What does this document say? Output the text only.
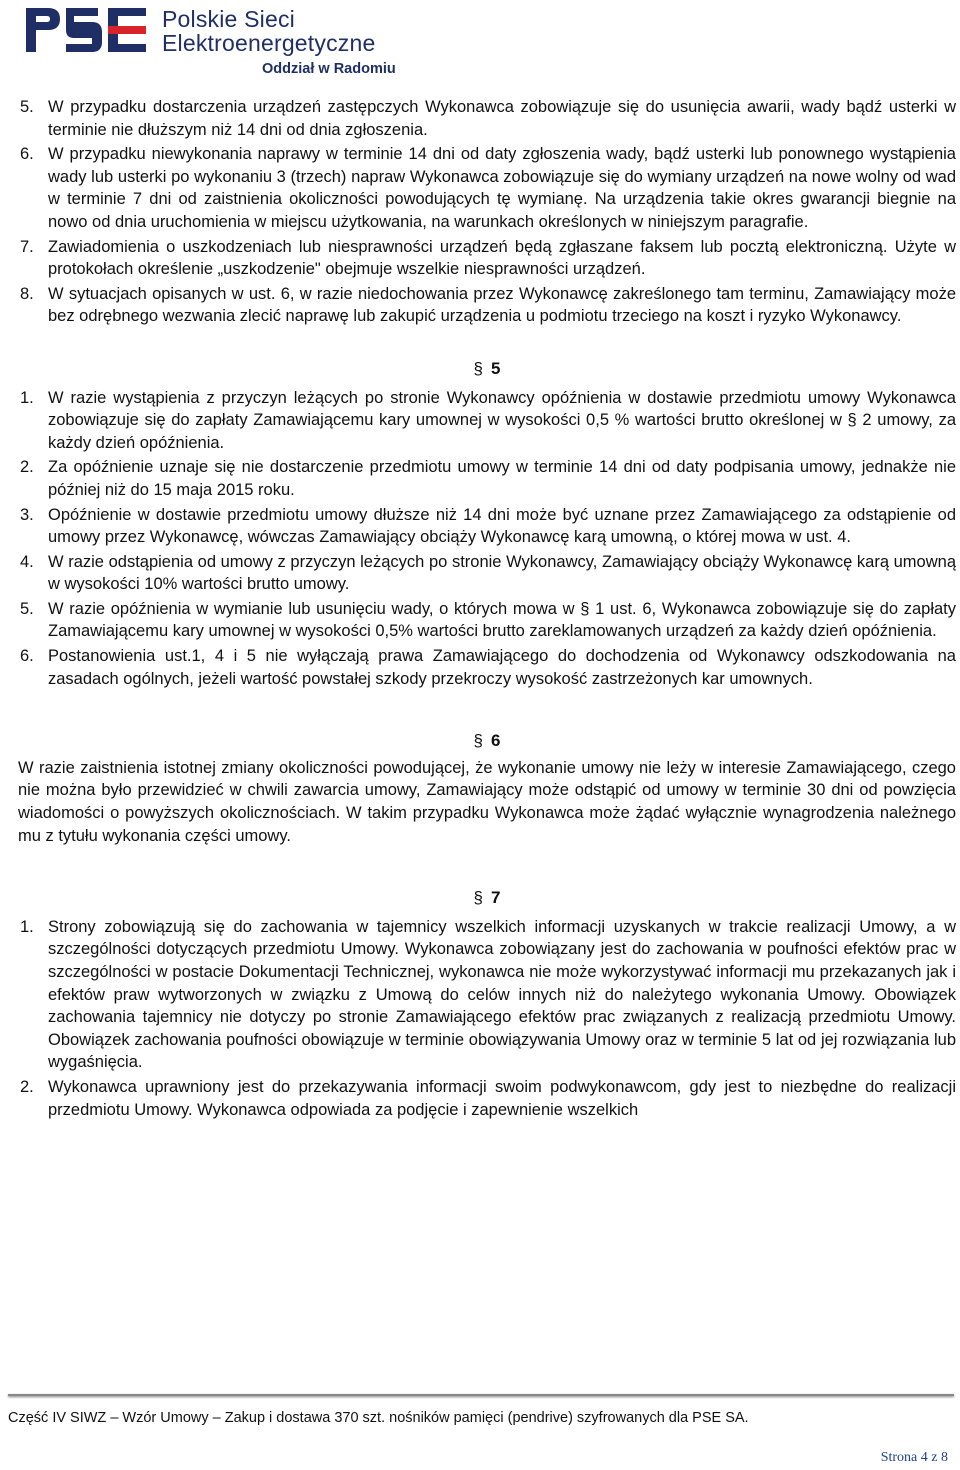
Polskie Sieci
Elektroenergetyczne
Oddział w Radomiu
5. W przypadku dostarczenia urządzeń zastępczych Wykonawca zobowiązuje się do usunięcia awarii, wady bądź usterki w terminie nie dłuższym niż 14 dni od dnia zgłoszenia.
6. W przypadku niewykonania naprawy w terminie 14 dni od daty zgłoszenia wady, bądź usterki lub ponownego wystąpienia wady lub usterki po wykonaniu 3 (trzech) napraw Wykonawca zobowiązuje się do wymiany urządzeń na nowe wolny od wad w terminie 7 dni od zaistnienia okoliczności powodujących tę wymianę. Na urządzenia takie okres gwarancji biegnie na nowo od dnia uruchomienia w miejscu użytkowania, na warunkach określonych w niniejszym paragrafie.
7. Zawiadomienia o uszkodzeniach lub niesprawności urządzeń będą zgłaszane faksem lub pocztą elektroniczną. Użyte w protokołach określenie „uszkodzenie" obejmuje wszelkie niesprawności urządzeń.
8. W sytuacjach opisanych w ust. 6, w razie niedochowania przez Wykonawcę zakreślonego tam terminu, Zamawiający może bez odrębnego wezwania zlecić naprawę lub zakupić urządzenia u podmiotu trzeciego na koszt i ryzyko Wykonawcy.
§ 5
1. W razie wystąpienia z przyczyn leżących po stronie Wykonawcy opóźnienia w dostawie przedmiotu umowy Wykonawca zobowiązuje się do zapłaty Zamawiającemu kary umownej w wysokości 0,5 % wartości brutto określonej w § 2 umowy, za każdy dzień opóźnienia.
2. Za opóźnienie uznaje się nie dostarczenie przedmiotu umowy w terminie 14 dni od daty podpisania umowy, jednakże nie później niż do 15 maja 2015 roku.
3. Opóźnienie w dostawie przedmiotu umowy dłuższe niż 14 dni może być uznane przez Zamawiającego za odstąpienie od umowy przez Wykonawcę, wówczas Zamawiający obciąży Wykonawcę karą umowną, o której mowa w ust. 4.
4. W razie odstąpienia od umowy z przyczyn leżących po stronie Wykonawcy, Zamawiający obciąży Wykonawcę karą umowną w wysokości 10% wartości brutto umowy.
5. W razie opóźnienia w wymianie lub usunięciu wady, o których mowa w § 1 ust. 6, Wykonawca zobowiązuje się do zapłaty Zamawiającemu kary umownej w wysokości 0,5% wartości brutto zareklamowanych urządzeń za każdy dzień opóźnienia.
6. Postanowienia ust.1, 4 i 5 nie wyłączają prawa Zamawiającego do dochodzenia od Wykonawcy odszkodowania na zasadach ogólnych, jeżeli wartość powstałej szkody przekroczy wysokość zastrzeżonych kar umownych.
§ 6
W razie zaistnienia istotnej zmiany okoliczności powodującej, że wykonanie umowy nie leży w interesie Zamawiającego, czego nie można było przewidzieć w chwili zawarcia umowy, Zamawiający może odstąpić od umowy w terminie 30 dni od powzięcia wiadomości o powyższych okolicznościach. W takim przypadku Wykonawca może żądać wyłącznie wynagrodzenia należnego mu z tytułu wykonania części umowy.
§ 7
1. Strony zobowiązują się do zachowania w tajemnicy wszelkich informacji uzyskanych w trakcie realizacji Umowy, a w szczególności dotyczących przedmiotu Umowy. Wykonawca zobowiązany jest do zachowania w poufności efektów prac w szczególności w postacie Dokumentacji Technicznej, wykonawca nie może wykorzystywać informacji mu przekazanych jak i efektów praw wytworzonych w związku z Umową do celów innych niż do należytego wykonania Umowy. Obowiązek zachowania tajemnicy nie dotyczy po stronie Zamawiającego efektów prac związanych z realizacją przedmiotu Umowy. Obowiązek zachowania poufności obowiązuje w terminie obowiązywania Umowy oraz w terminie 5 lat od jej rozwiązania lub wygaśnięcia.
2. Wykonawca uprawniony jest do przekazywania informacji swoim podwykonawcom, gdy jest to niezbędne do realizacji przedmiotu Umowy. Wykonawca odpowiada za podjęcie i zapewnienie wszelkich
Część IV SIWZ – Wzór Umowy – Zakup i dostawa 370 szt. nośników pamięci (pendrive) szyfrowanych dla PSE SA.
Strona 4 z 8
